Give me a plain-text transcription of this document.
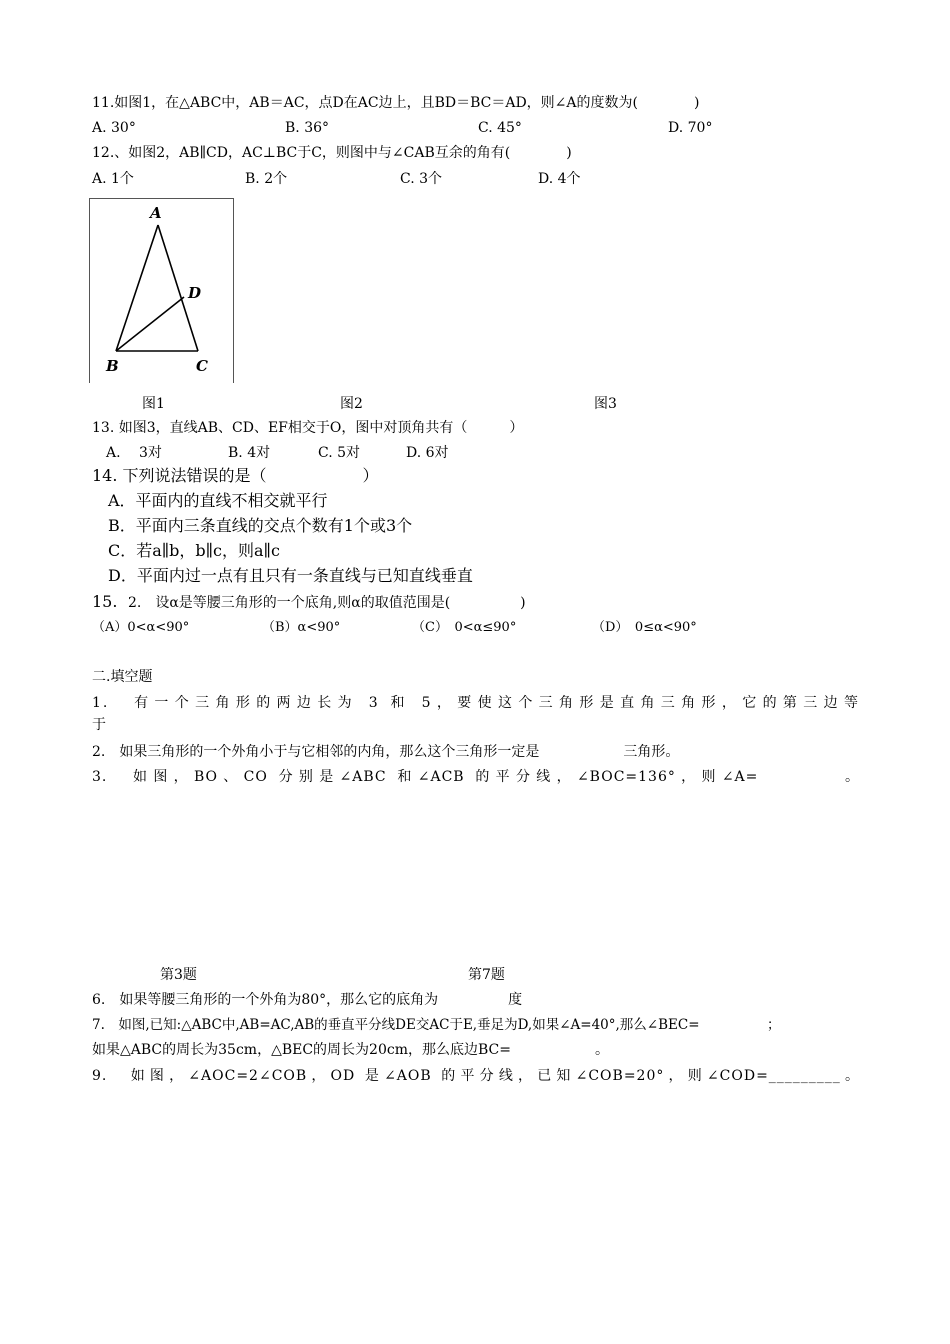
11.如图1，在△ABC中，AB＝AC，点D在AC边上，且BD＝BC＝AD，则∠A的度数为(　　　　)
A. 30°	B. 36°	C. 45°	D. 70°
12.、如图2，AB∥CD，AC⊥BC于C，则图中与∠CAB互余的角有(　　　　)
A. 1个	B. 2个	C. 3个	D. 4个
A
D
B	C
图1	图2	图3
13. 如图3，直线AB、CD、EF相交于O，图中对顶角共有（　　　）
A.　 3对	B. 4对	C. 5对	D. 6对
14. 下列说法错误的是（　　　　　　）
A．平面内的直线不相交就平行
B．平面内三条直线的交点个数有1个或3个
C．若a∥b，b∥c，则a∥c
D．平面内过一点有且只有一条直线与已知直线垂直
15. 2.　设α是等腰三角形的一个底角,则α的取值范围是(　　　　　)
（A）0<α<90°	（B）α<90°	（C）　0<α≤90°	（D）　0≤α<90°
二.填空题
1.　有一个三角形的两边长为 3 和 5，要使这个三角形是直角三角形，它的第三边等
于
2.　如果三角形的一个外角小于与它相邻的内角，那么这个三角形一定是　　　　　　三角形。
3.　如图，BO、CO 分别是∠ABC 和∠ACB 的平分线，∠BOC=136°，则∠A=　　　　。
第3题	第7题
6.　如果等腰三角形的一个外角为80°，那么它的底角为　　　　　度
7.　如图,已知:△ABC中,AB=AC,AB的垂直平分线DE交AC于E,垂足为D,如果∠A=40°,那么∠BEC=　　　　　；
如果△ABC的周长为35cm，△BEC的周长为20cm，那么底边BC=　　　　　　。
9.　如图，∠AOC=2∠COB，OD 是∠AOB 的平分线，已知∠COB=20°，则∠COD=_________。
